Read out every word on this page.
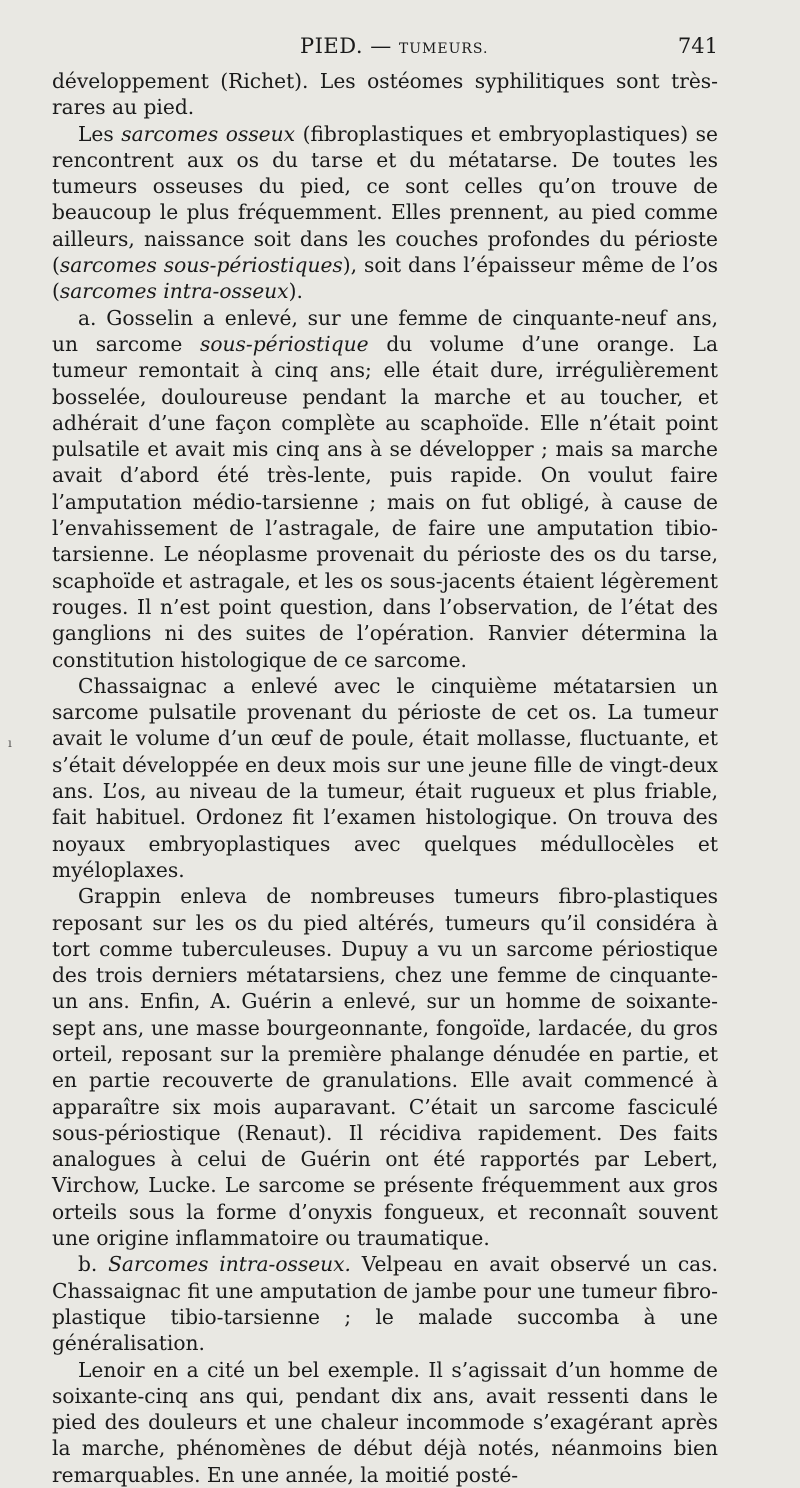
PIED. — TUMEURS.	741

développement (Richet). Les ostéomes syphilitiques sont très-rares au pied.

Les sarcomes osseux (fibroplastiques et embryoplastiques) se rencontrent aux os du tarse et du métatarse. De toutes les tumeurs osseuses du pied, ce sont celles qu’on trouve de beaucoup le plus fréquemment. Elles prennent, au pied comme ailleurs, naissance soit dans les couches profondes du périoste (sarcomes sous-périostiques), soit dans l’épaisseur même de l’os (sarcomes intra-osseux).

a. Gosselin a enlevé, sur une femme de cinquante-neuf ans, un sarcome sous-périostique du volume d’une orange. La tumeur remontait à cinq ans; elle était dure, irrégulièrement bosselée, douloureuse pendant la marche et au toucher, et adhérait d’une façon complète au scaphoïde. Elle n’était point pulsatile et avait mis cinq ans à se développer ; mais sa marche avait d’abord été très-lente, puis rapide. On voulut faire l’amputation médio-tarsienne ; mais on fut obligé, à cause de l’envahissement de l’astragale, de faire une amputation tibio-tarsienne. Le néoplasme provenait du périoste des os du tarse, scaphoïde et astragale, et les os sous-jacents étaient légèrement rouges. Il n’est point question, dans l’observation, de l’état des ganglions ni des suites de l’opération. Ranvier détermina la constitution histologique de ce sarcome.

Chassaignac a enlevé avec le cinquième métatarsien un sarcome pulsatile provenant du périoste de cet os. La tumeur avait le volume d’un œuf de poule, était mollasse, fluctuante, et s’était développée en deux mois sur une jeune fille de vingt-deux ans. L’os, au niveau de la tumeur, était rugueux et plus friable, fait habituel. Ordonez fit l’examen histologique. On trouva des noyaux embryoplastiques avec quelques médullocèles et myéloplaxes.

Grappin enleva de nombreuses tumeurs fibro-plastiques reposant sur les os du pied altérés, tumeurs qu’il considéra à tort comme tuberculeuses. Dupuy a vu un sarcome périostique des trois derniers métatarsiens, chez une femme de cinquante-un ans. Enfin, A. Guérin a enlevé, sur un homme de soixante-sept ans, une masse bourgeonnante, fongoïde, lardacée, du gros orteil, reposant sur la première phalange dénudée en partie, et en partie recouverte de granulations. Elle avait commencé à apparaître six mois auparavant. C’était un sarcome fasciculé sous-périostique (Renaut). Il récidiva rapidement. Des faits analogues à celui de Guérin ont été rapportés par Lebert, Virchow, Lucke. Le sarcome se présente fréquemment aux gros orteils sous la forme d’onyxis fongueux, et reconnaît souvent une origine inflammatoire ou traumatique.

b. Sarcomes intra-osseux. Velpeau en avait observé un cas. Chassaignac fit une amputation de jambe pour une tumeur fibro-plastique tibio-tarsienne ; le malade succomba à une généralisation.

Lenoir en a cité un bel exemple. Il s’agissait d’un homme de soixante-cinq ans qui, pendant dix ans, avait ressenti dans le pied des douleurs et une chaleur incommode s’exagérant après la marche, phénomènes de début déjà notés, néanmoins bien remarquables. En une année, la moitié posté-

ı
